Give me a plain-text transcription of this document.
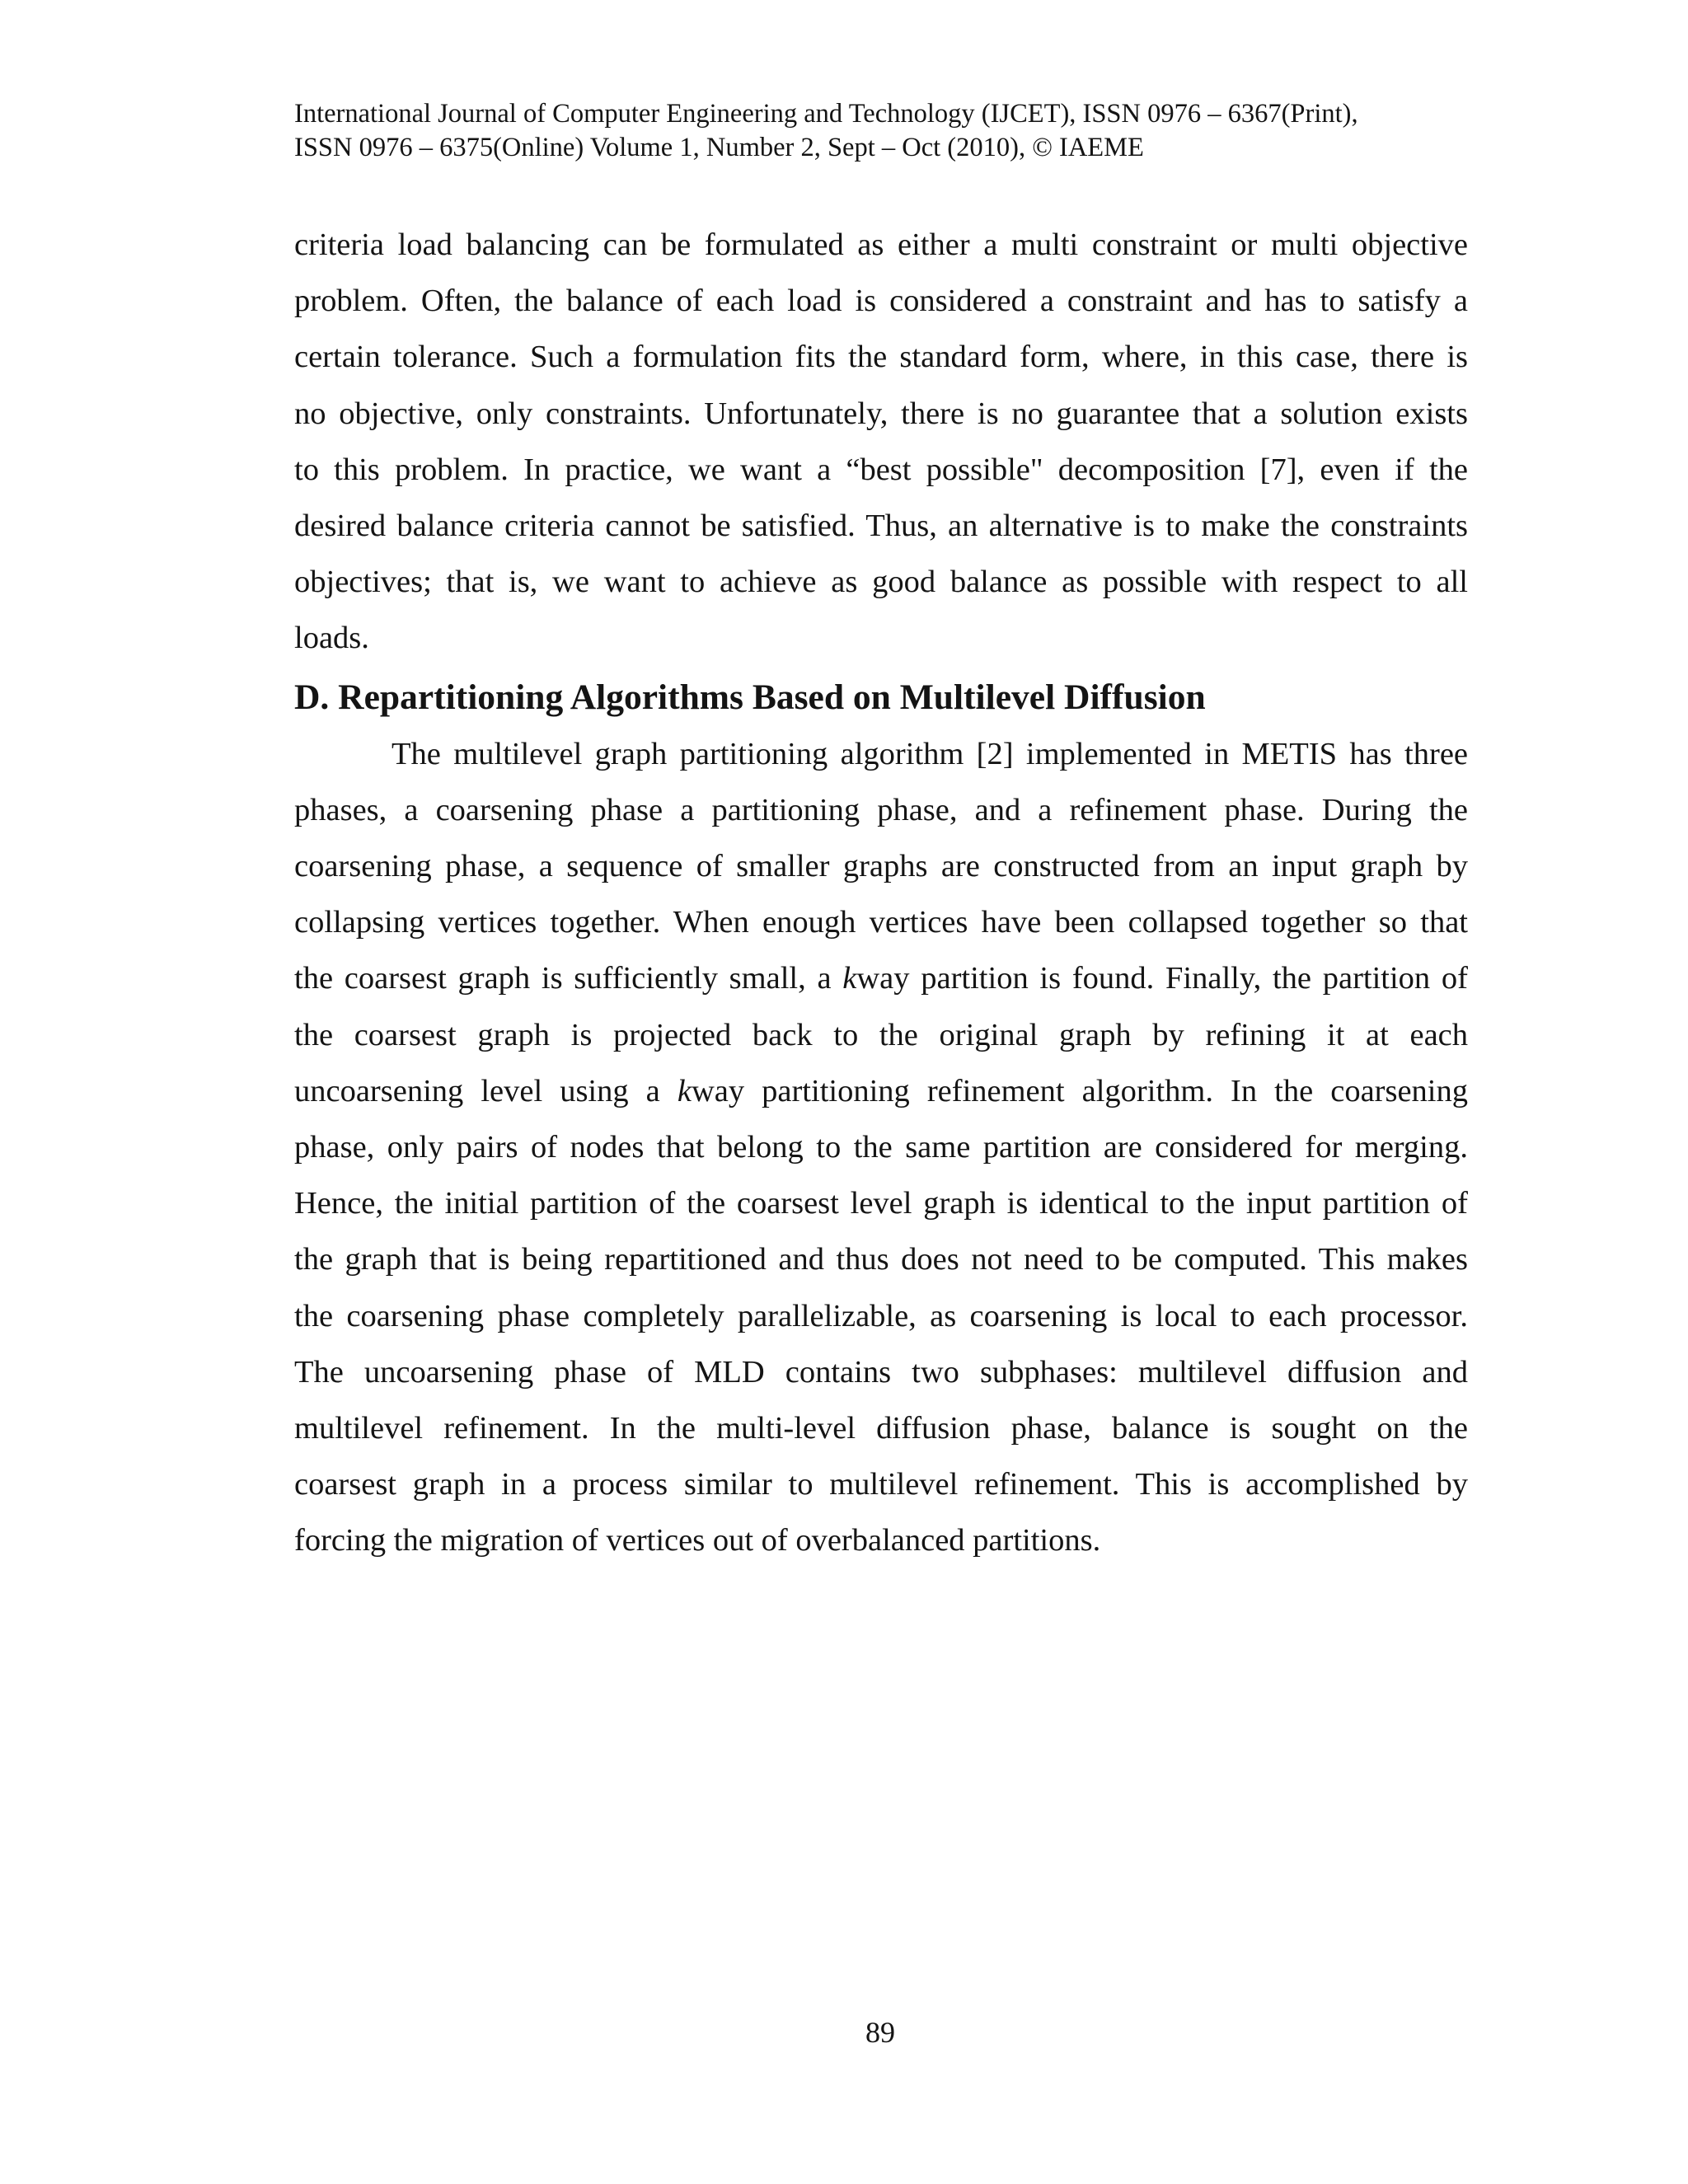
International Journal of Computer Engineering and Technology (IJCET), ISSN 0976 – 6367(Print),
ISSN 0976 – 6375(Online) Volume 1, Number 2, Sept – Oct (2010), © IAEME

criteria load balancing can be formulated as either a multi constraint or multi objective
problem. Often, the balance of each load is considered a constraint and has to satisfy a
certain tolerance. Such a formulation fits the standard form, where, in this case, there is
no objective, only constraints. Unfortunately, there is no guarantee that a solution exists
to this problem. In practice, we want a “best possible" decomposition [7], even if the
desired balance criteria cannot be satisfied. Thus, an alternative is to make the constraints
objectives; that is, we want to achieve as good balance as possible with respect to all
loads.

D. Repartitioning Algorithms Based on Multilevel Diffusion

The multilevel graph partitioning algorithm [2] implemented in METIS has three
phases, a coarsening phase a partitioning phase, and a refinement phase. During the
coarsening phase, a sequence of smaller graphs are constructed from an input graph by
collapsing vertices together. When enough vertices have been collapsed together so that
the coarsest graph is sufficiently small, a kway partition is found. Finally, the partition of
the coarsest graph is projected back to the original graph by refining it at each
uncoarsening level using a kway partitioning refinement algorithm. In the coarsening
phase, only pairs of nodes that belong to the same partition are considered for merging.
Hence, the initial partition of the coarsest level graph is identical to the input partition of
the graph that is being repartitioned and thus does not need to be computed. This makes
the coarsening phase completely parallelizable, as coarsening is local to each processor.
The uncoarsening phase of MLD contains two subphases: multilevel diffusion and
multilevel refinement. In the multi-level diffusion phase, balance is sought on the
coarsest graph in a process similar to multilevel refinement. This is accomplished by
forcing the migration of vertices out of overbalanced partitions.

89
